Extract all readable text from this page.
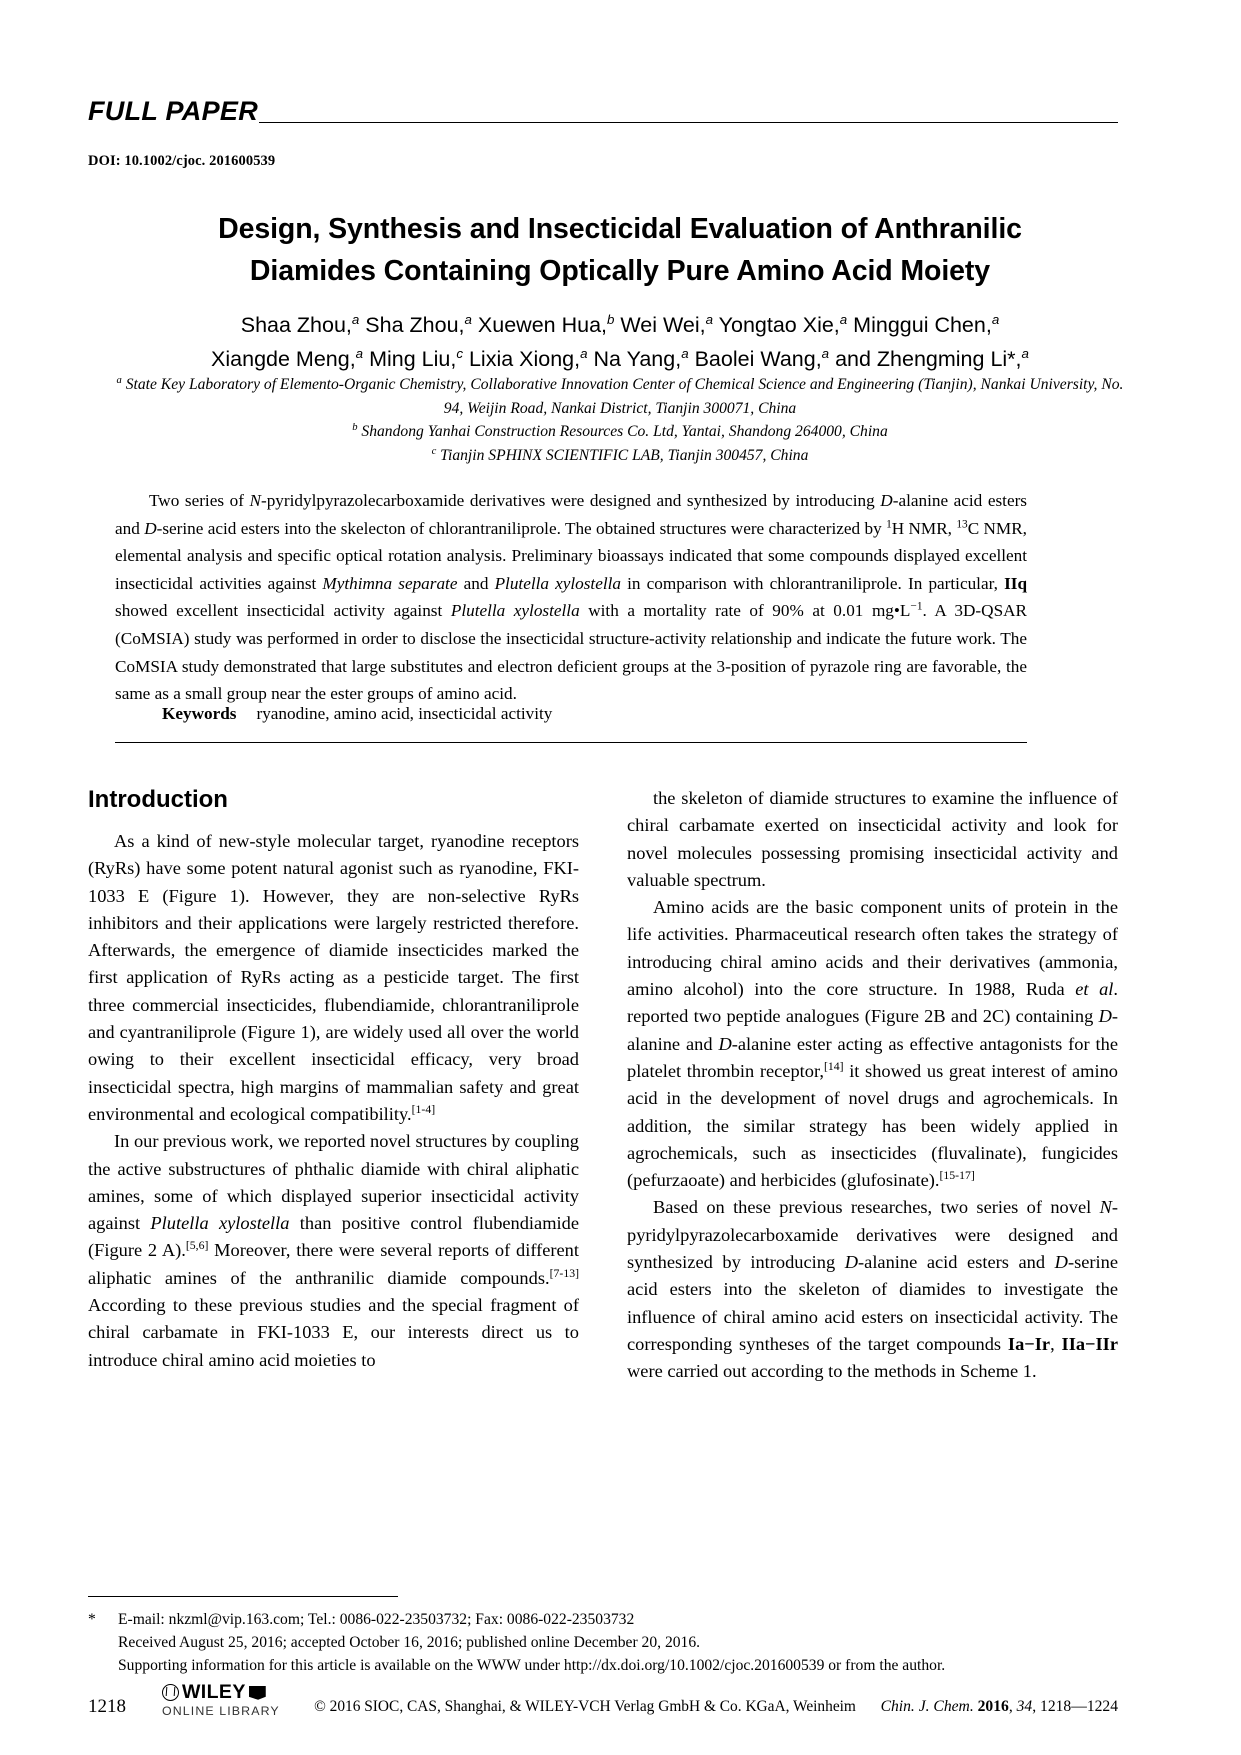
FULL PAPER
DOI: 10.1002/cjoc. 201600539
Design, Synthesis and Insecticidal Evaluation of Anthranilic
Diamides Containing Optically Pure Amino Acid Moiety
Shaa Zhou,$^a$ Sha Zhou,$^a$ Xuewen Hua,$^b$ Wei Wei,$^a$ Yongtao Xie,$^a$ Minggui Chen,$^a$
Xiangde Meng,$^a$ Ming Liu,$^c$ Lixia Xiong,$^a$ Na Yang,$^a$ Baolei Wang,$^a$ and Zhengming Li*,$^a$
$^a$ State Key Laboratory of Elemento-Organic Chemistry, Collaborative Innovation Center of Chemical Science and Engineering (Tianjin), Nankai University, No. 94, Weijin Road, Nankai District, Tianjin 300071, China
$^b$ Shandong Yanhai Construction Resources Co. Ltd, Yantai, Shandong 264000, China
$^c$ Tianjin SPHINX SCIENTIFIC LAB, Tianjin 300457, China
Two series of N-pyridylpyrazolecarboxamide derivatives were designed and synthesized by introducing D-alanine acid esters and D-serine acid esters into the skelecton of chlorantraniliprole. The obtained structures were characterized by $^1$H NMR, $^{13}$C NMR, elemental analysis and specific optical rotation analysis. Preliminary bioassays indicated that some compounds displayed excellent insecticidal activities against Mythimna separate and Plutella xylostella in comparison with chlorantraniliprole. In particular, IIq showed excellent insecticidal activity against Plutella xylostella with a mortality rate of 90% at 0.01 $mg•L^{-1}$. A 3D-QSAR (CoMSIA) study was performed in order to disclose the insecticidal structure-activity relationship and indicate the future work. The CoMSIA study demonstrated that large substitutes and electron deficient groups at the 3-position of pyrazole ring are favorable, the same as a small group near the ester groups of amino acid.
Keywords ryanodine, amino acid, insecticidal activity
Introduction

As a kind of new-style molecular target, ryanodine receptors (RyRs) have some potent natural agonist such as ryanodine, FKI-1033 E (Figure 1). However, they are non-selective RyRs inhibitors and their applications were largely restricted therefore. Afterwards, the emergence of diamide insecticides marked the first application of RyRs acting as a pesticide target. The first three commercial insecticides, flubendiamide, chlorantraniliprole and cyantraniliprole (Figure 1), are widely used all over the world owing to their excellent insecticidal efficacy, very broad insecticidal spectra, high margins of mammalian safety and great environmental and ecological compatibility.[1-4]

In our previous work, we reported novel structures by coupling the active substructures of phthalic diamide with chiral aliphatic amines, some of which displayed superior insecticidal activity against Plutella xylostella than positive control flubendiamide (Figure 2 A).[5,6] Moreover, there were several reports of different aliphatic amines of the anthranilic diamide compounds.[7-13] According to these previous studies and the special fragment of chiral carbamate in FKI-1033 E, our interests direct us to introduce chiral amino acid moieties to

the skeleton of diamide structures to examine the influence of chiral carbamate exerted on insecticidal activity and look for novel molecules possessing promising insecticidal activity and valuable spectrum.

Amino acids are the basic component units of protein in the life activities. Pharmaceutical research often takes the strategy of introducing chiral amino acids and their derivatives (ammonia, amino alcohol) into the core structure. In 1988, Ruda et al. reported two peptide analogues (Figure 2B and 2C) containing D-alanine and D-alanine ester acting as effective antagonists for the platelet thrombin receptor,[14] it showed us great interest of amino acid in the development of novel drugs and agrochemicals. In addition, the similar strategy has been widely applied in agrochemicals, such as insecticides (fluvalinate), fungicides (pefurzaoate) and herbicides (glufosinate).[15-17]

Based on these previous researches, two series of novel N-pyridylpyrazolecarboxamide derivatives were designed and synthesized by introducing D-alanine acid esters and D-serine acid esters into the skeleton of diamides to investigate the influence of chiral amino acid esters on insecticidal activity. The corresponding syntheses of the target compounds Ia−Ir, IIa−IIr were carried out according to the methods in Scheme 1.

*	E-mail: nkzml@vip.163.com; Tel.: 0086-022-23503732; Fax: 0086-022-23503732
Received August 25, 2016; accepted October 16, 2016; published online December 20, 2016.
Supporting information for this article is available on the WWW under http://dx.doi.org/10.1002/cjoc.201600539 or from the author.
1218
WILEY
ONLINE LIBRARY © 2016 SIOC, CAS, Shanghai, & WILEY-VCH Verlag GmbH & Co. KGaA, Weinheim	Chin. J. Chem. 2016, 34, 1218—1224
